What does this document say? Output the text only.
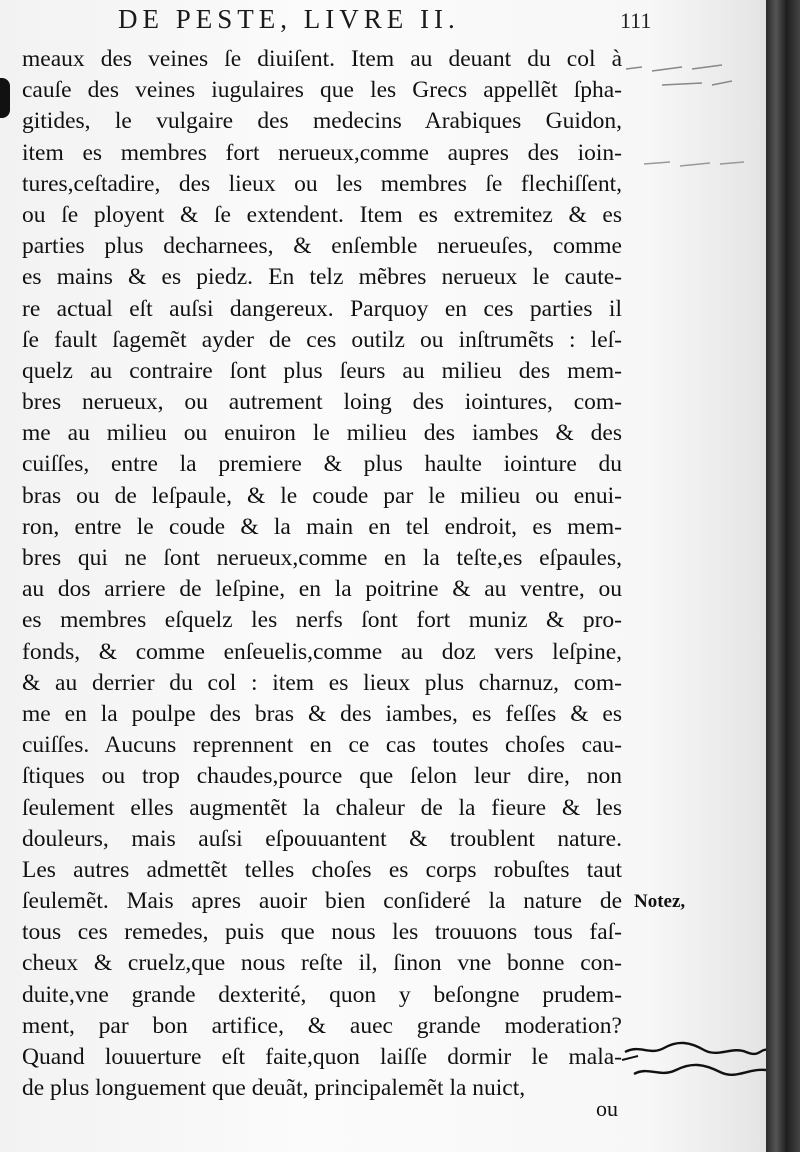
DE PESTE, LIVRE II.	111
meaux des veines ſe diuiſent. Item au deuant du col à
cauſe des veines iugulaires que les Grecs appellẽt ſpha-
gitides, le vulgaire des medecins Arabiques Guidon,
item es membres fort nerueux,comme aupres des ioin-
tures,ceſtadire, des lieux ou les membres ſe flechiſſent,
ou ſe ployent & ſe extendent. Item es extremitez & es
parties plus decharnees, & enſemble nerueuſes, comme
es mains & es piedz. En telz mẽbres nerueux le caute-
re actual eſt auſsi dangereux. Parquoy en ces parties il
ſe fault ſagemẽt ayder de ces outilz ou inſtrumẽts : leſ-
quelz au contraire ſont plus ſeurs au milieu des mem-
bres nerueux, ou autrement loing des iointures, com-
me au milieu ou enuiron le milieu des iambes & des
cuiſſes, entre la premiere & plus haulte iointure du
bras ou de leſpaule, & le coude par le milieu ou enui-
ron, entre le coude & la main en tel endroit, es mem-
bres qui ne ſont nerueux,comme en la teſte,es eſpaules,
au dos arriere de leſpine, en la poitrine & au ventre, ou
es membres eſquelz les nerfs ſont fort muniz & pro-
fonds, & comme enſeuelis,comme au doz vers leſpine,
& au derrier du col : item es lieux plus charnuz, com-
me en la poulpe des bras & des iambes, es feſſes & es
cuiſſes. Aucuns reprennent en ce cas toutes choſes cau-
ſtiques ou trop chaudes,pource que ſelon leur dire, non
ſeulement elles augmentẽt la chaleur de la fieure & les
douleurs, mais auſsi eſpouuantent & troublent nature.
Les autres admettẽt telles choſes es corps robuſtes taut
ſeulemẽt. Mais apres auoir bien conſideré la nature de
tous ces remedes, puis que nous les trouuons tous faſ-
cheux & cruelz,que nous reſte il, ſinon vne bonne con-
duite,vne grande dexterité, quon y beſongne prudem-
ment, par bon artifice, & auec grande moderation?
Quand louuerture eſt faite,quon laiſſe dormir le mala-
de plus longuement que deuãt, principalemẽt la nuict,
Notez,
ou
